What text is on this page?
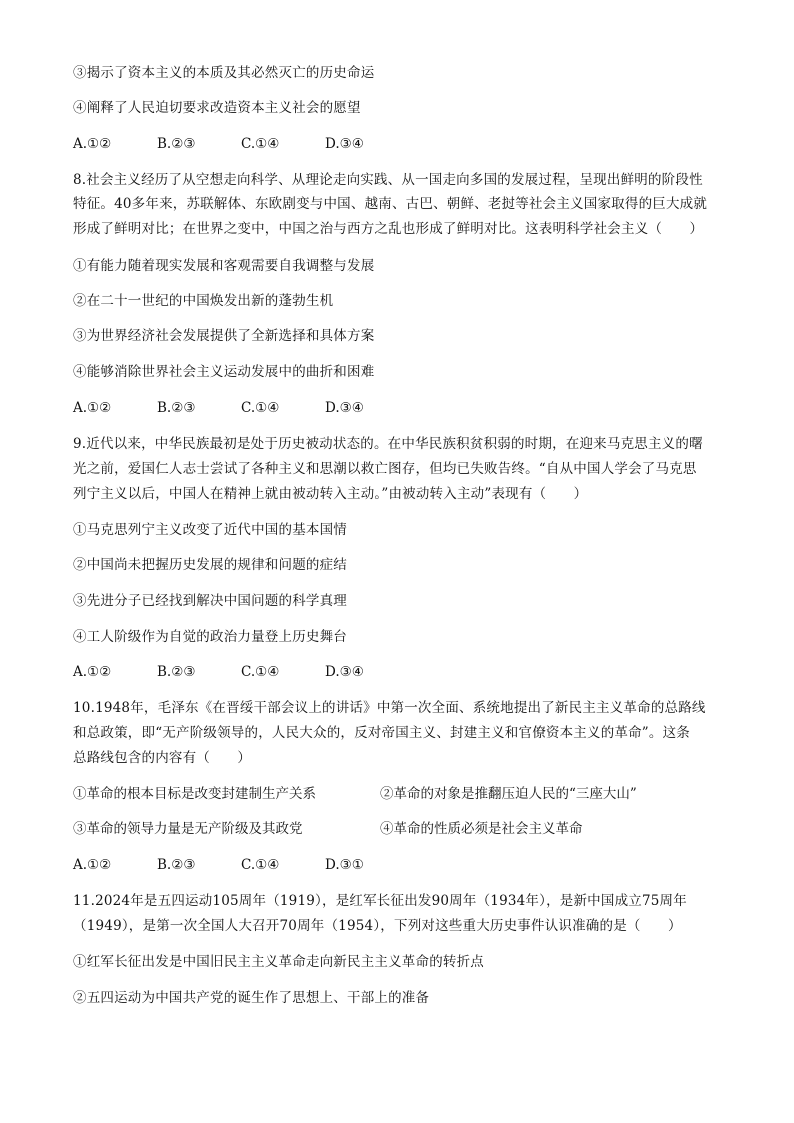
③揭示了资本主义的本质及其必然灭亡的历史命运
④阐释了人民迫切要求改造资本主义社会的愿望
A.①②	B.②③	C.①④	D.③④
8.社会主义经历了从空想走向科学、从理论走向实践、从一国走向多国的发展过程，呈现出鲜明的阶段性
特征。40多年来，苏联解体、东欧剧变与中国、越南、古巴、朝鲜、老挝等社会主义国家取得的巨大成就
形成了鲜明对比；在世界之变中，中国之治与西方之乱也形成了鲜明对比。这表明科学社会主义（　　）
①有能力随着现实发展和客观需要自我调整与发展
②在二十一世纪的中国焕发出新的蓬勃生机
③为世界经济社会发展提供了全新选择和具体方案
④能够消除世界社会主义运动发展中的曲折和困难
A.①②	B.②③	C.①④	D.③④
9.近代以来，中华民族最初是处于历史被动状态的。在中华民族积贫积弱的时期，在迎来马克思主义的曙
光之前，爱国仁人志士尝试了各种主义和思潮以救亡图存，但均已失败告终。“自从中国人学会了马克思
列宁主义以后，中国人在精神上就由被动转入主动。”由被动转入主动”表现有（　　）
①马克思列宁主义改变了近代中国的基本国情
②中国尚未把握历史发展的规律和问题的症结
③先进分子已经找到解决中国问题的科学真理
④工人阶级作为自觉的政治力量登上历史舞台
A.①②	B.②③	C.①④	D.③④
10.1948年，毛泽东《在晋绥干部会议上的讲话》中第一次全面、系统地提出了新民主主义革命的总路线
和总政策，即“无产阶级领导的，人民大众的，反对帝国主义、封建主义和官僚资本主义的革命”。这条
总路线包含的内容有（　　）
①革命的根本目标是改变封建制生产关系	②革命的对象是推翻压迫人民的“三座大山”
③革命的领导力量是无产阶级及其政党	④革命的性质必须是社会主义革命
A.①②	B.②③	C.①④	D.③①
11.2024年是五四运动105周年（1919），是红军长征出发90周年（1934年），是新中国成立75周年
（1949），是第一次全国人大召开70周年（1954），下列对这些重大历史事件认识准确的是（　　）
①红军长征出发是中国旧民主主义革命走向新民主主义革命的转折点
②五四运动为中国共产党的诞生作了思想上、干部上的准备
